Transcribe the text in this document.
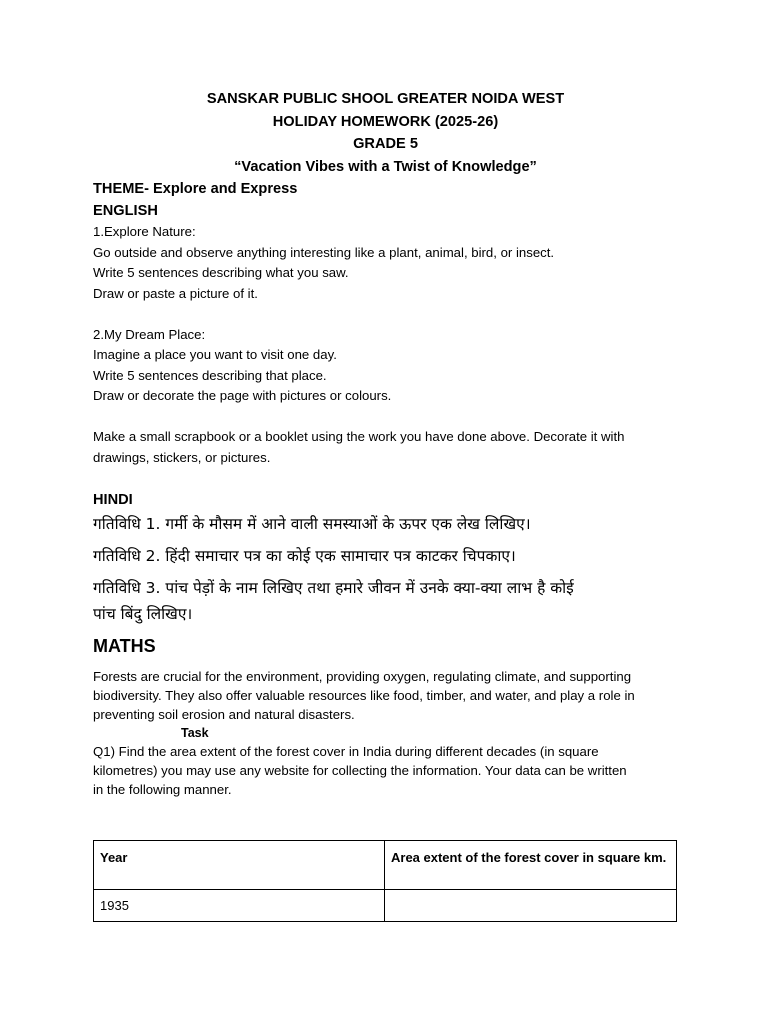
SANSKAR PUBLIC SHOOL GREATER NOIDA WEST
HOLIDAY HOMEWORK (2025-26)
GRADE 5
“Vacation Vibes with a Twist of Knowledge”
THEME- Explore and Express
ENGLISH
1.Explore Nature:
Go outside and observe anything interesting like a plant, animal, bird, or insect.
Write 5 sentences describing what you saw.
Draw or paste a picture of it.
2.My Dream Place:
Imagine a place you want to visit one day.
Write 5 sentences describing that place.
Draw or decorate the page with pictures or colours.
Make a small scrapbook or a booklet using the work you have done above. Decorate it with
drawings, stickers, or pictures.
HINDI
गतिविधि 1. गर्मी के मौसम में आने वाली समस्याओं के ऊपर एक लेख लिखिए।
गतिविधि 2. हिंदी समाचार पत्र का कोई एक सामाचार पत्र काटकर चिपकाए।
गतिविधि 3. पांच पेड़ों के नाम लिखिए तथा हमारे जीवन में उनके क्या-क्या लाभ है कोई
पांच बिंदु लिखिए।
MATHS
Forests are crucial for the environment, providing oxygen, regulating climate, and supporting
biodiversity. They also offer valuable resources like food, timber, and water, and play a role in
preventing soil erosion and natural disasters.
Task
Q1) Find the area extent of the forest cover in India during different decades (in square
kilometres) you may use any website for collecting the information. Your data can be written
in the following manner.
Year	Area extent of the forest cover in square km.
1935	
